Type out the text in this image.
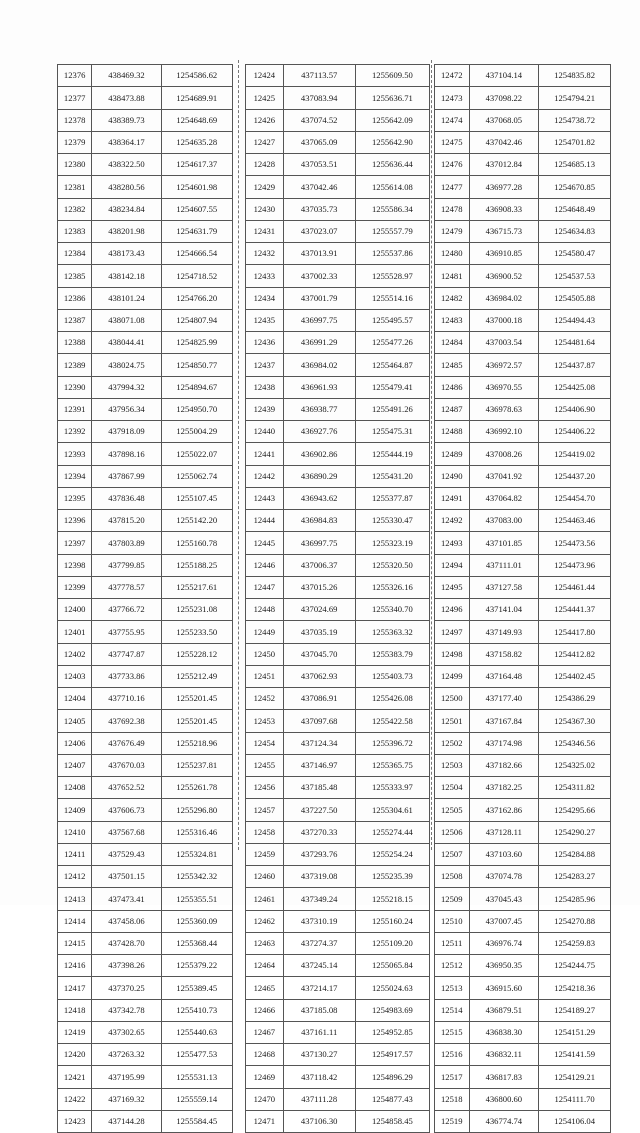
12376	438469.32	1254586.62
12377	438473.88	1254689.91
12378	438389.73	1254648.69
12379	438364.17	1254635.28
12380	438322.50	1254617.37
12381	438280.56	1254601.98
12382	438234.84	1254607.55
12383	438201.98	1254631.79
12384	438173.43	1254666.54
12385	438142.18	1254718.52
12386	438101.24	1254766.20
12387	438071.08	1254807.94
12388	438044.41	1254825.99
12389	438024.75	1254850.77
12390	437994.32	1254894.67
12391	437956.34	1254950.70
12392	437918.09	1255004.29
12393	437898.16	1255022.07
12394	437867.99	1255062.74
12395	437836.48	1255107.45
12396	437815.20	1255142.20
12397	437803.89	1255160.78
12398	437799.85	1255188.25
12399	437778.57	1255217.61
12400	437766.72	1255231.08
12401	437755.95	1255233.50
12402	437747.87	1255228.12
12403	437733.86	1255212.49
12404	437710.16	1255201.45
12405	437692.38	1255201.45
12406	437676.49	1255218.96
12407	437670.03	1255237.81
12408	437652.52	1255261.78
12409	437606.73	1255296.80
12410	437567.68	1255316.46
12411	437529.43	1255324.81
12412	437501.15	1255342.32
12413	437473.41	1255355.51
12414	437458.06	1255360.09
12415	437428.70	1255368.44
12416	437398.26	1255379.22
12417	437370.25	1255389.45
12418	437342.78	1255410.73
12419	437302.65	1255440.63
12420	437263.32	1255477.53
12421	437195.99	1255531.13
12422	437169.32	1255559.14
12423	437144.28	1255584.45
12424	437113.57	1255609.50
12425	437083.94	1255636.71
12426	437074.52	1255642.09
12427	437065.09	1255642.90
12428	437053.51	1255636.44
12429	437042.46	1255614.08
12430	437035.73	1255586.34
12431	437023.07	1255557.79
12432	437013.91	1255537.86
12433	437002.33	1255528.97
12434	437001.79	1255514.16
12435	436997.75	1255495.57
12436	436991.29	1255477.26
12437	436984.02	1255464.87
12438	436961.93	1255479.41
12439	436938.77	1255491.26
12440	436927.76	1255475.31
12441	436902.86	1255444.19
12442	436890.29	1255431.20
12443	436943.62	1255377.87
12444	436984.83	1255330.47
12445	436997.75	1255323.19
12446	437006.37	1255320.50
12447	437015.26	1255326.16
12448	437024.69	1255340.70
12449	437035.19	1255363.32
12450	437045.70	1255383.79
12451	437062.93	1255403.73
12452	437086.91	1255426.08
12453	437097.68	1255422.58
12454	437124.34	1255396.72
12455	437146.97	1255365.75
12456	437185.48	1255333.97
12457	437227.50	1255304.61
12458	437270.33	1255274.44
12459	437293.76	1255254.24
12460	437319.08	1255235.39
12461	437349.24	1255218.15
12462	437310.19	1255160.24
12463	437274.37	1255109.20
12464	437245.14	1255065.84
12465	437214.17	1255024.63
12466	437185.08	1254983.69
12467	437161.11	1254952.85
12468	437130.27	1254917.57
12469	437118.42	1254896.29
12470	437111.28	1254877.43
12471	437106.30	1254858.45
12472	437104.14	1254835.82
12473	437098.22	1254794.21
12474	437068.05	1254738.72
12475	437042.46	1254701.82
12476	437012.84	1254685.13
12477	436977.28	1254670.85
12478	436908.33	1254648.49
12479	436715.73	1254634.83
12480	436910.85	1254580.47
12481	436900.52	1254537.53
12482	436984.02	1254505.88
12483	437000.18	1254494.43
12484	437003.54	1254481.64
12485	436972.57	1254437.87
12486	436970.55	1254425.08
12487	436978.63	1254406.90
12488	436992.10	1254406.22
12489	437008.26	1254419.02
12490	437041.92	1254437.20
12491	437064.82	1254454.70
12492	437083.00	1254463.46
12493	437101.85	1254473.56
12494	437111.01	1254473.96
12495	437127.58	1254461.44
12496	437141.04	1254441.37
12497	437149.93	1254417.80
12498	437158.82	1254412.82
12499	437164.48	1254402.45
12500	437177.40	1254386.29
12501	437167.84	1254367.30
12502	437174.98	1254346.56
12503	437182.66	1254325.02
12504	437182.25	1254311.82
12505	437162.86	1254295.66
12506	437128.11	1254290.27
12507	437103.60	1254284.88
12508	437074.78	1254283.27
12509	437045.43	1254285.96
12510	437007.45	1254270.88
12511	436976.74	1254259.83
12512	436950.35	1254244.75
12513	436915.60	1254218.36
12514	436879.51	1254189.27
12515	436838.30	1254151.29
12516	436832.11	1254141.59
12517	436817.83	1254129.21
12518	436800.60	1254111.70
12519	436774.74	1254106.04
